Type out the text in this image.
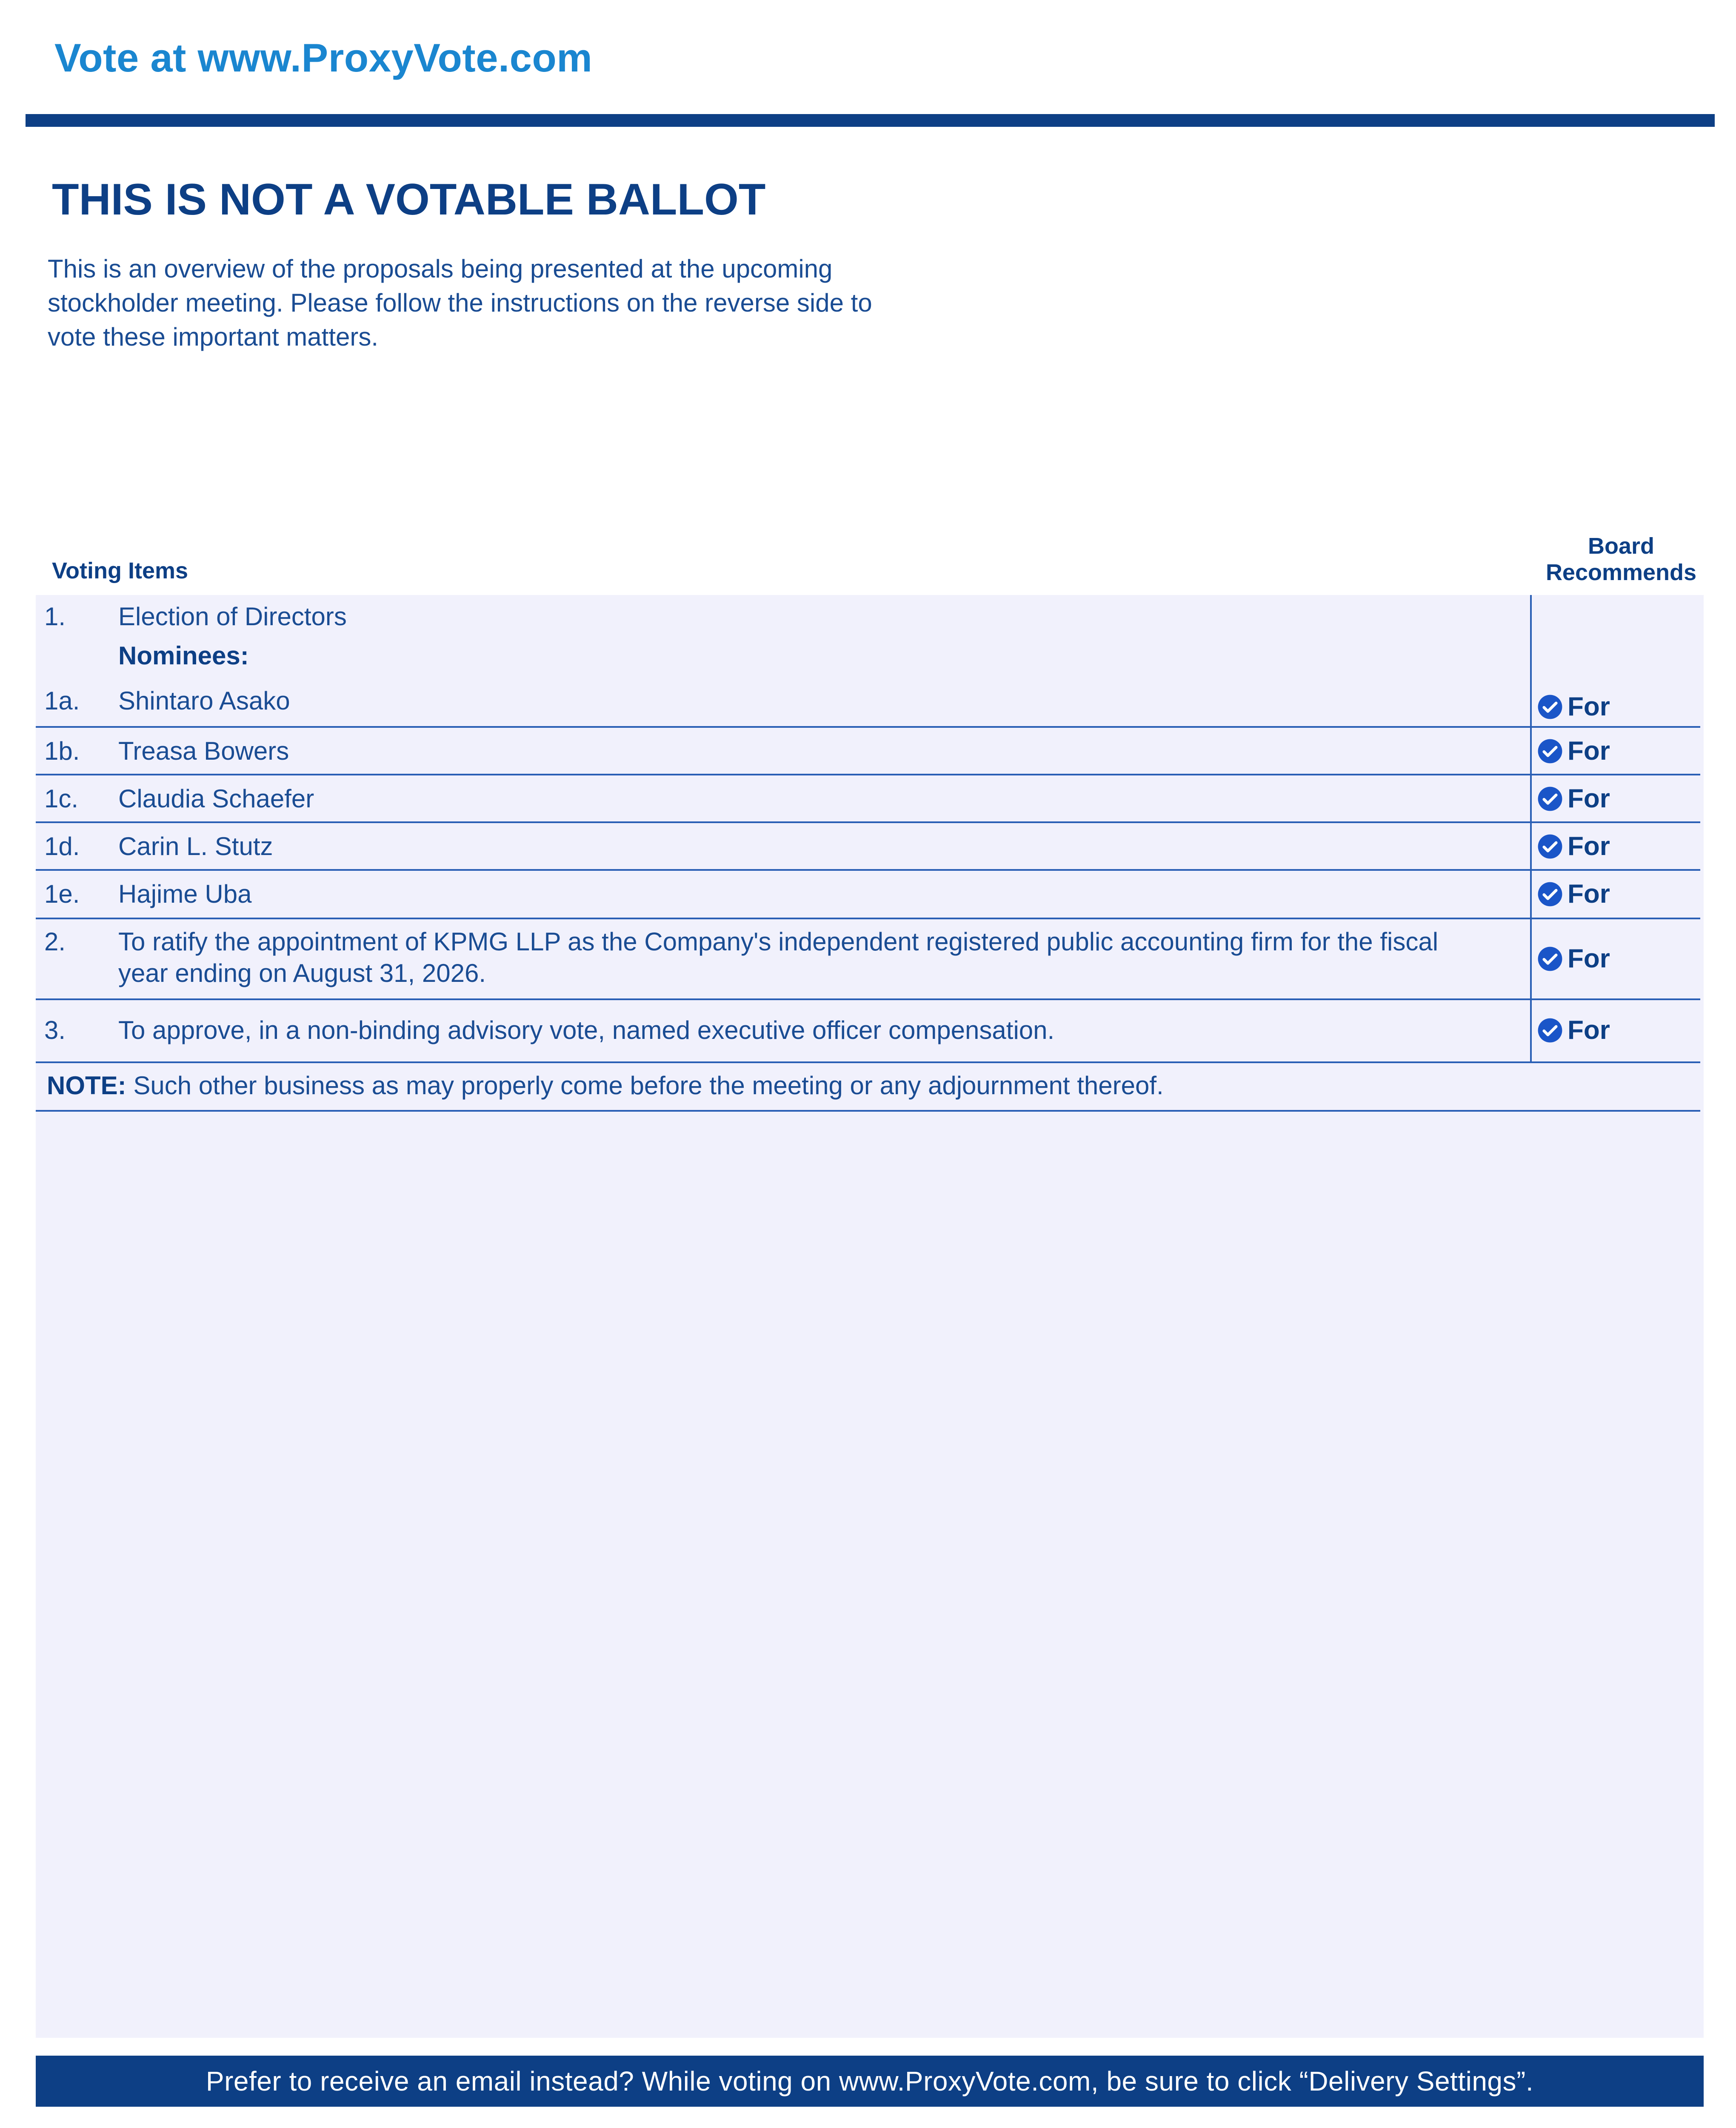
Vote at www.ProxyVote.com
THIS IS NOT A VOTABLE BALLOT
This is an overview of the proposals being presented at the upcoming stockholder meeting. Please follow the instructions on the reverse side to vote these important matters.
Voting Items
Board
Recommends
1. Election of Directors
Nominees:
1a. Shintaro Asako	For
1b. Treasa Bowers	For
1c. Claudia Schaefer	For
1d. Carin L. Stutz	For
1e. Hajime Uba	For
2. To ratify the appointment of KPMG LLP as the Company's independent registered public accounting firm for the fiscal year ending on August 31, 2026.	For
3. To approve, in a non-binding advisory vote, named executive officer compensation.	For
NOTE: Such other business as may properly come before the meeting or any adjournment thereof.
Prefer to receive an email instead? While voting on www.ProxyVote.com, be sure to click “Delivery Settings”.
